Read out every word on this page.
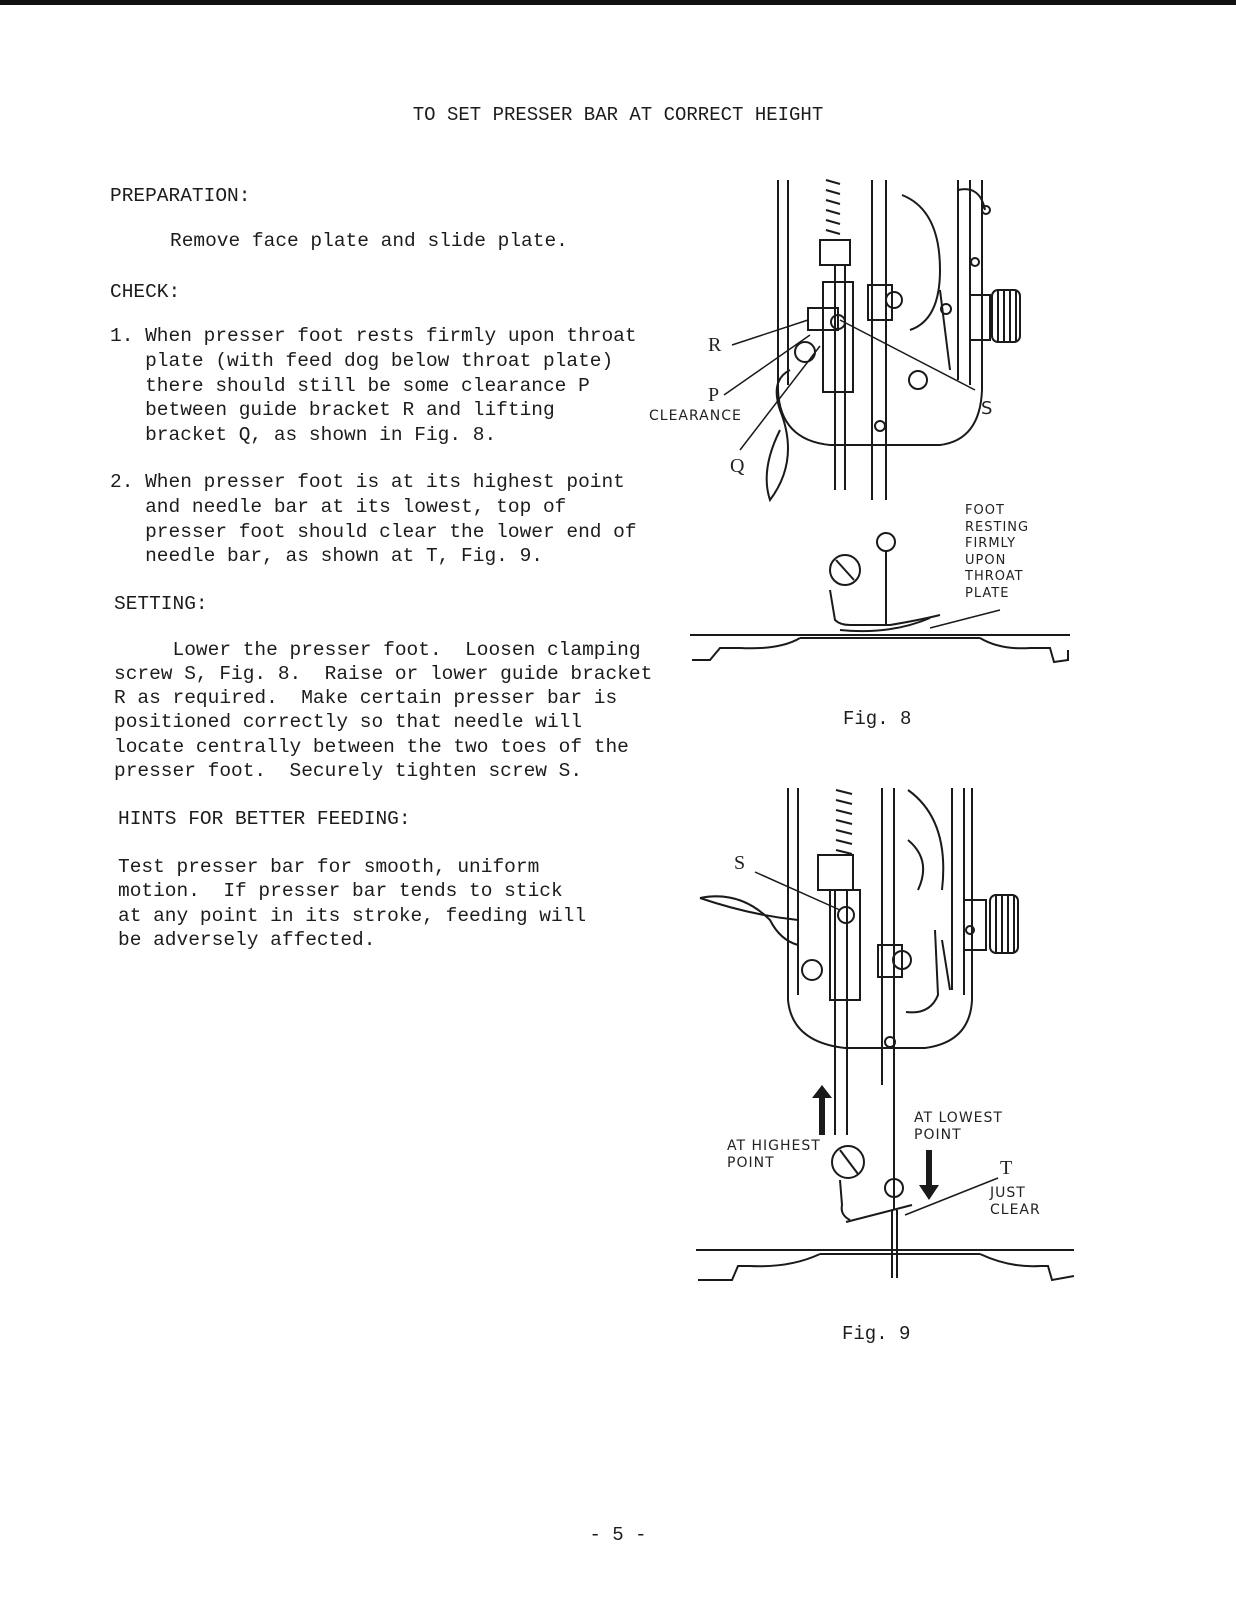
TO SET PRESSER BAR AT CORRECT HEIGHT
PREPARATION:
Remove face plate and slide plate.
CHECK:
1. When presser foot rests firmly upon throat
plate (with feed dog below throat plate)
there should still be some clearance P
between guide bracket R and lifting
bracket Q, as shown in Fig. 8.
2. When presser foot is at its highest point
and needle bar at its lowest, top of
presser foot should clear the lower end of
needle bar, as shown at T, Fig. 9.
SETTING:
Lower the presser foot.  Loosen clamping
screw S, Fig. 8.  Raise or lower guide bracket
R as required.  Make certain presser bar is
positioned correctly so that needle will
locate centrally between the two toes of the
presser foot.  Securely tighten screw S.
HINTS FOR BETTER FEEDING:
Test presser bar for smooth, uniform
motion.  If presser bar tends to stick
at any point in its stroke, feeding will
be adversely affected.
R
P
CLEARANCE
Q
S
FOOT
RESTING
FIRMLY
UPON
THROAT
PLATE
Fig. 8
S
AT HIGHEST
POINT
AT LOWEST
POINT
T
JUST
CLEAR
Fig. 9
- 5 -
